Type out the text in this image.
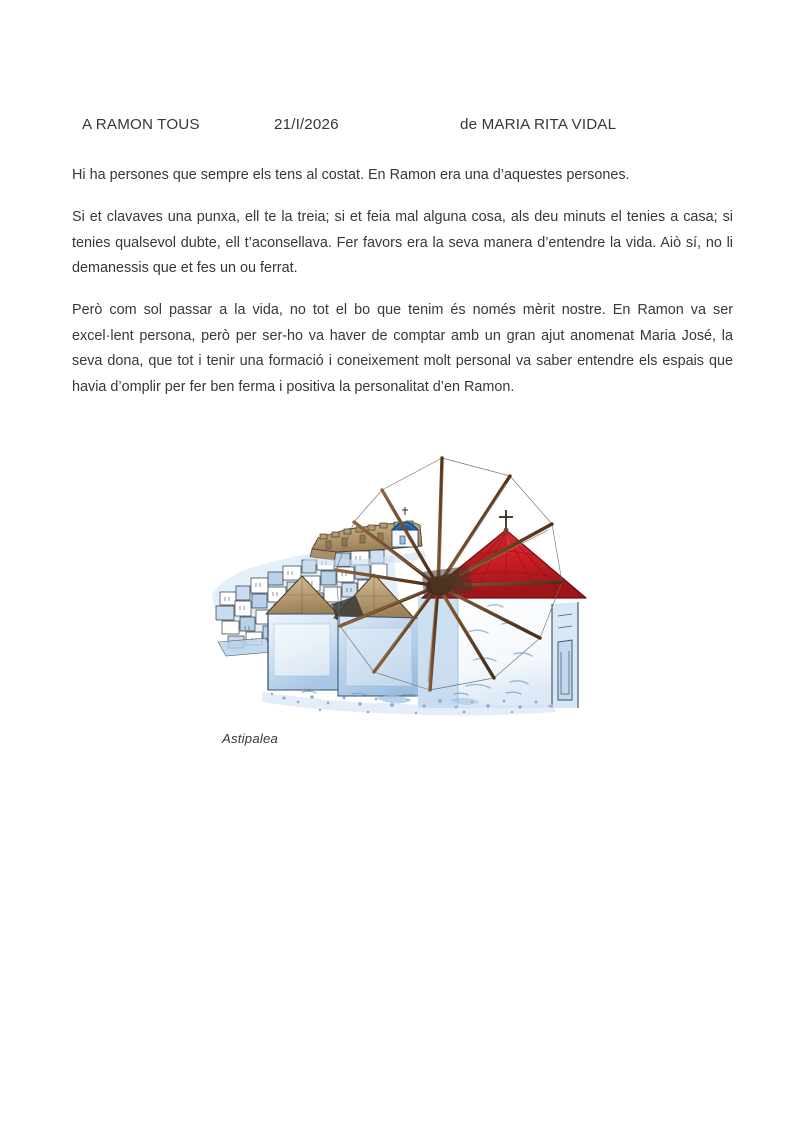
A RAMON TOUS	21/I/2026	de MARIA RITA VIDAL

Hi ha persones que sempre els tens al costat. En Ramon era una d’aquestes persones.

Si et clavaves una punxa, ell te la treia; si et feia mal alguna cosa, als deu minuts el tenies a casa; si tenies qualsevol dubte, ell t’aconsellava. Fer favors era la seva manera d’entendre la vida. Aiò sí, no li demanessis que et fes un ou ferrat.

Però com sol passar a la vida, no tot el bo que tenim és només mèrit nostre. En Ramon va ser excel·lent persona, però per ser-ho va haver de comptar amb un gran ajut anomenat Maria José, la seva dona, que tot i tenir una formació i coneixement molt personal va saber entendre els espais que havia d’omplir per fer ben ferma i positiva la personalitat d’en Ramon.

Astipalea
